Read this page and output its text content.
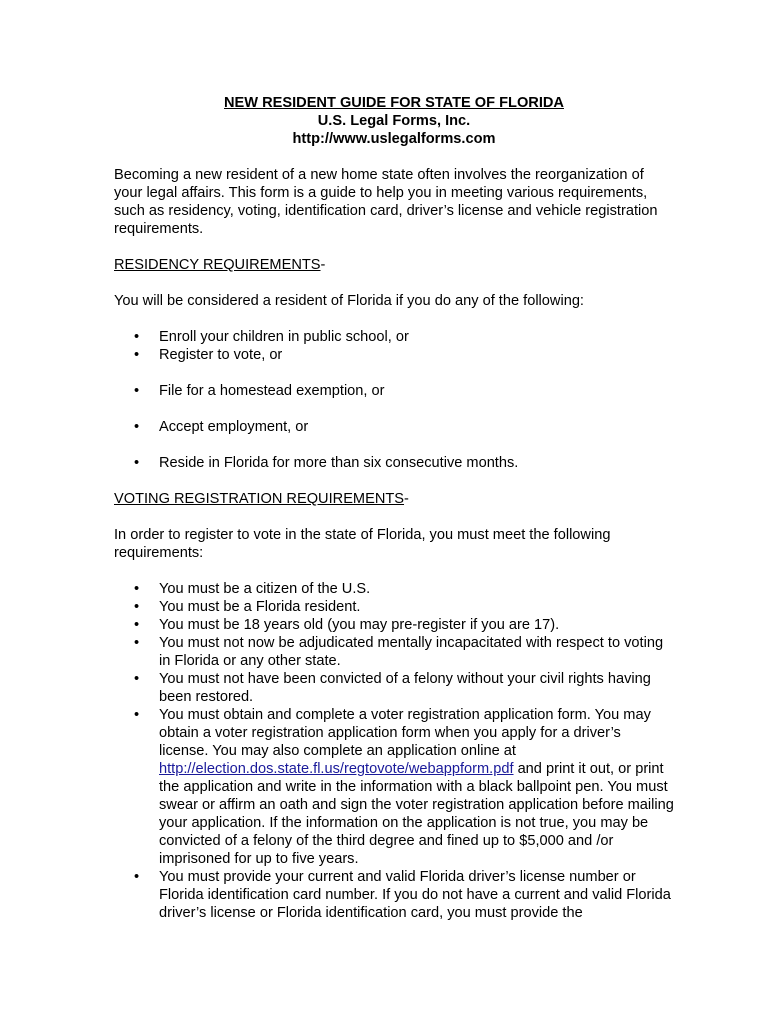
NEW RESIDENT GUIDE FOR STATE OF FLORIDA

U.S. Legal Forms, Inc.

http://www.uslegalforms.com

Becoming a new resident of a new home state often involves the reorganization of your legal affairs. This form is a guide to help you in meeting various requirements, such as residency, voting, identification card, driver’s license and vehicle registration requirements.

RESIDENCY REQUIREMENTS-

You will be considered a resident of Florida if you do any of the following:

• Enroll your children in public school, or
• Register to vote, or
• File for a homestead exemption, or
• Accept employment, or
• Reside in Florida for more than six consecutive months.

VOTING REGISTRATION REQUIREMENTS-

In order to register to vote in the state of Florida, you must meet the following requirements:

• You must be a citizen of the U.S.
• You must be a Florida resident.
• You must be 18 years old (you may pre-register if you are 17).
• You must not now be adjudicated mentally incapacitated with respect to voting in Florida or any other state.
• You must not have been convicted of a felony without your civil rights having been restored.
• You must obtain and complete a voter registration application form. You may obtain a voter registration application form when you apply for a driver’s license. You may also complete an application online at http://election.dos.state.fl.us/regtovote/webappform.pdf and print it out, or print the application and write in the information with a black ballpoint pen. You must swear or affirm an oath and sign the voter registration application before mailing your application. If the information on the application is not true, you may be convicted of a felony of the third degree and fined up to $5,000 and /or imprisoned for up to five years.
• You must provide your current and valid Florida driver’s license number or Florida identification card number. If you do not have a current and valid Florida driver’s license or Florida identification card, you must provide the
